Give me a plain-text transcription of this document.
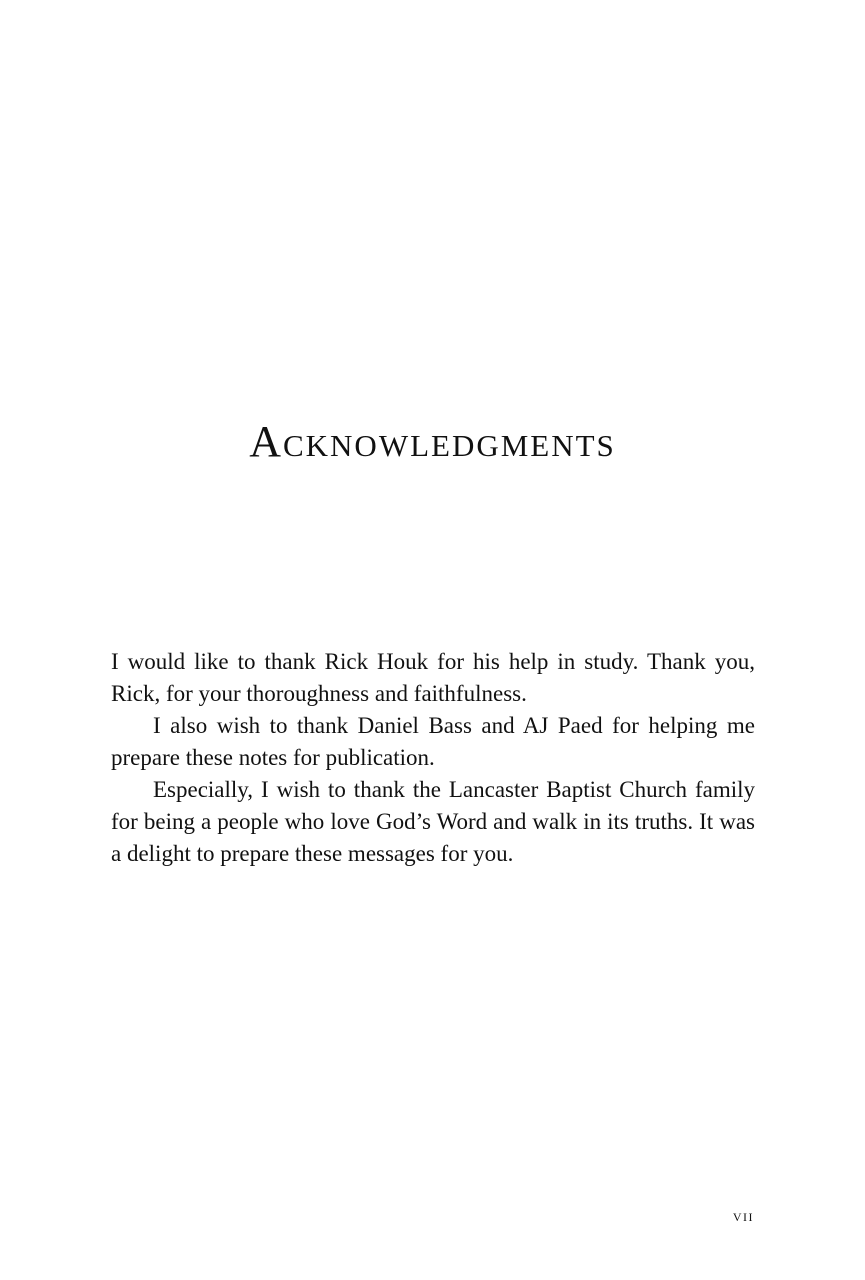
Acknowledgments

I would like to thank Rick Houk for his help in study. Thank you, Rick, for your thoroughness and faithfulness.

I also wish to thank Daniel Bass and AJ Paed for helping me prepare these notes for publication.

Especially, I wish to thank the Lancaster Baptist Church family for being a people who love God’s Word and walk in its truths. It was a delight to prepare these messages for you.

vii
